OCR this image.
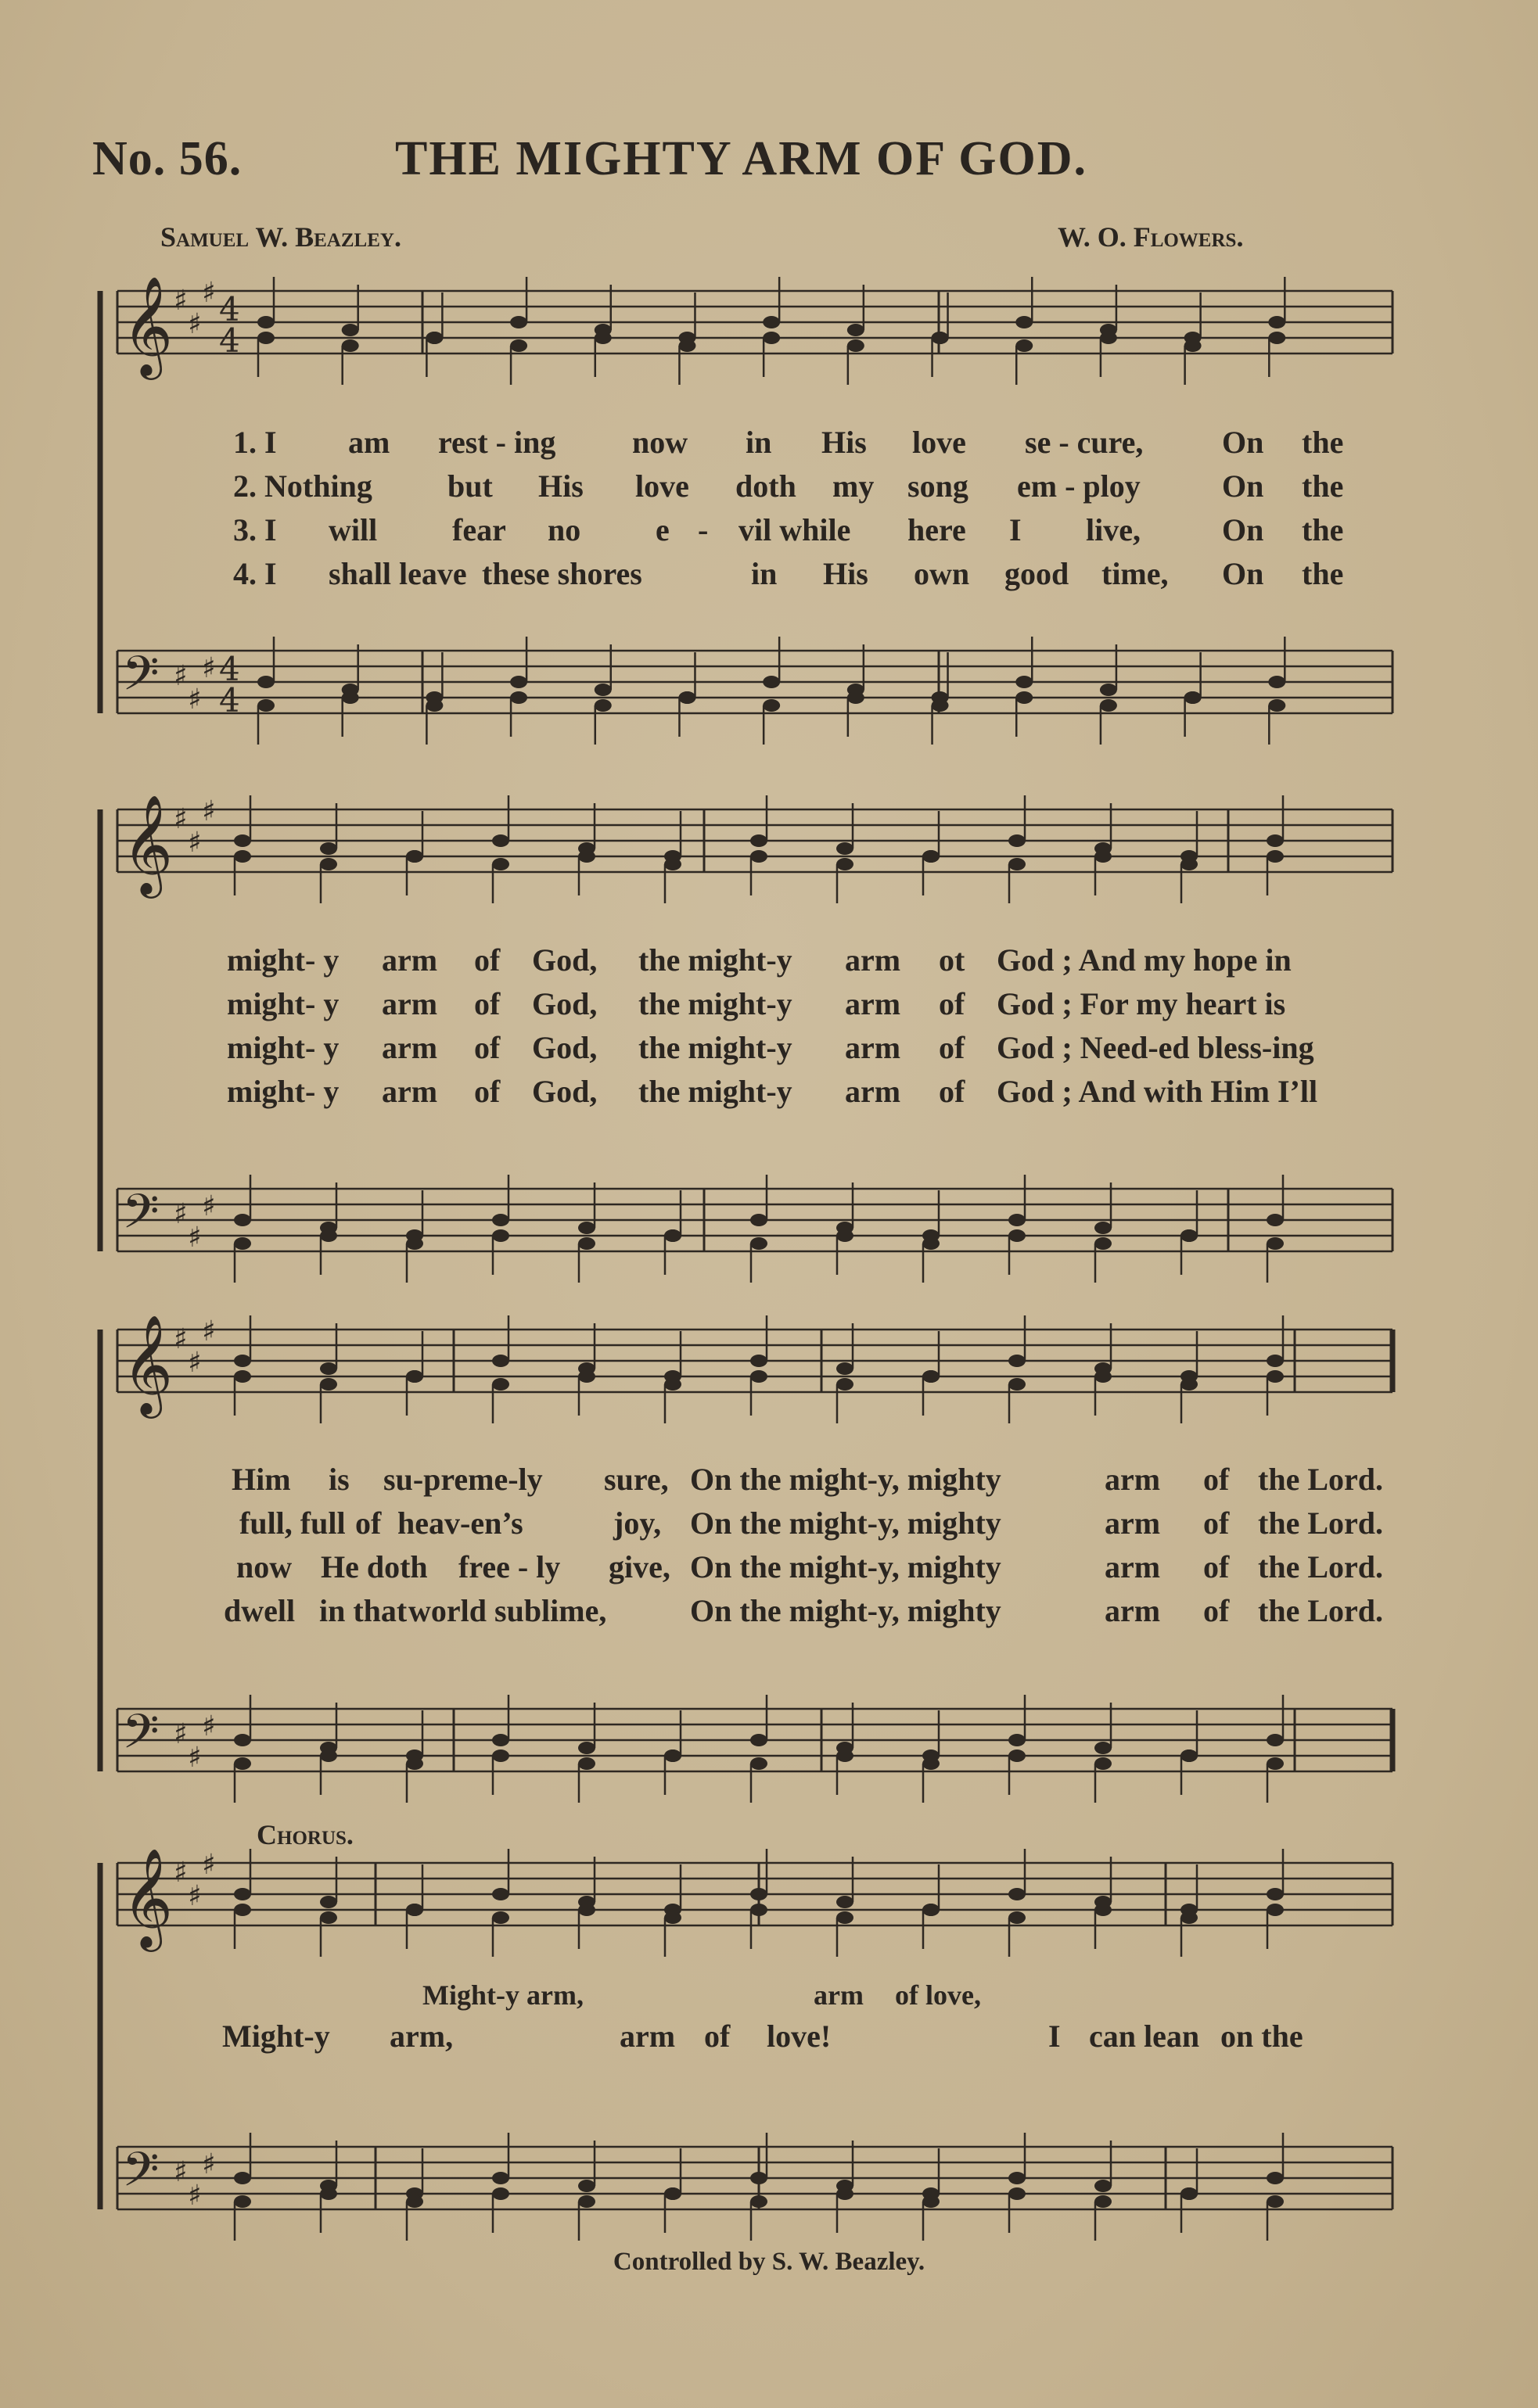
No. 56.	THE MIGHTY ARM OF GOD.
Samuel W. Beazley.	W. O. Flowers.
𝄞 ♯
♯
♯ 4
4
𝄢 ♯
♯
♯ 4
4
𝄞 ♯
♯
♯
𝄢 ♯
♯
♯
𝄞 ♯
♯
♯
𝄢 ♯
♯
♯
𝄞 ♯
♯
♯
𝄢 ♯
♯
♯
1. I am rest - ing now in His love se - cure,	On the
2. Nothing but His love doth my song em - ploy	On the
3. I will fear no e - vil while here I live,	On the
4. I shall leave these shores	in His own good time, On the
might- y arm of God, the might-y arm ot God ; And my hope in
might- y arm of God, the might-y arm of God ; For my heart is
might- y arm of God, the might-y arm of God ; Need-ed bless-ing
might- y arm of God, the might-y arm of God ; And with Him I’ll
Him is su-preme-ly sure, On the might-y, mighty	arm of the Lord.
full, full of heav-en’s	joy, On the might-y, mighty	arm of the Lord.
now He doth free - ly give, On the might-y, mighty	arm of the Lord.
dwell in that world sublime,	On the might-y, mighty	arm of the Lord.
Chorus.
Might-y arm,	arm of love,
Might-y arm,	arm of love!	I can lean on the
Controlled by S. W. Beazley.
